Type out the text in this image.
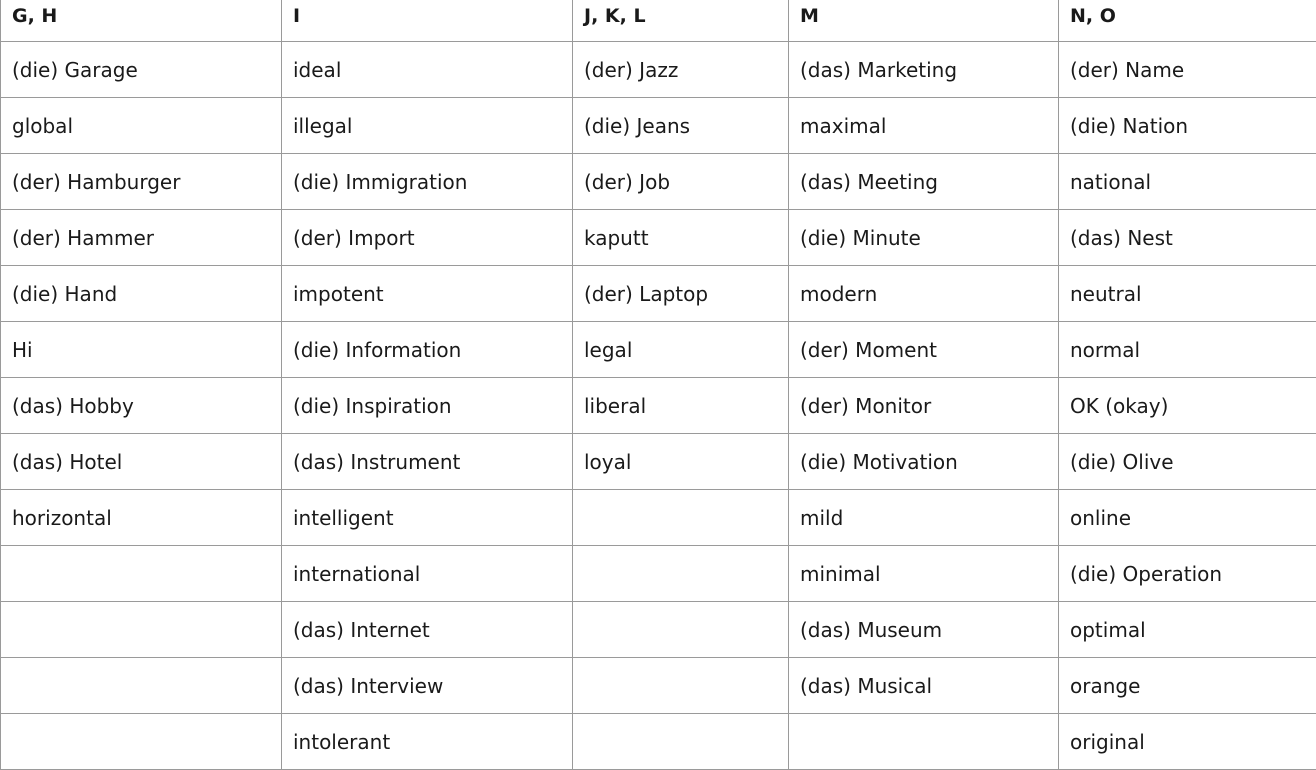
G, H	I	J, K, L	M	N, O
(die) Garage	ideal	(der) Jazz	(das) Marketing	(der) Name
global	illegal	(die) Jeans	maximal	(die) Nation
(der) Hamburger	(die) Immigration	(der) Job	(das) Meeting	national
(der) Hammer	(der) Import	kaputt	(die) Minute	(das) Nest
(die) Hand	impotent	(der) Laptop	modern	neutral
Hi	(die) Information	legal	(der) Moment	normal
(das) Hobby	(die) Inspiration	liberal	(der) Monitor	OK (okay)
(das) Hotel	(das) Instrument	loyal	(die) Motivation	(die) Olive
horizontal	intelligent		mild	online
	international		minimal	(die) Operation
	(das) Internet		(das) Museum	optimal
	(das) Interview		(das) Musical	orange
	intolerant			original
